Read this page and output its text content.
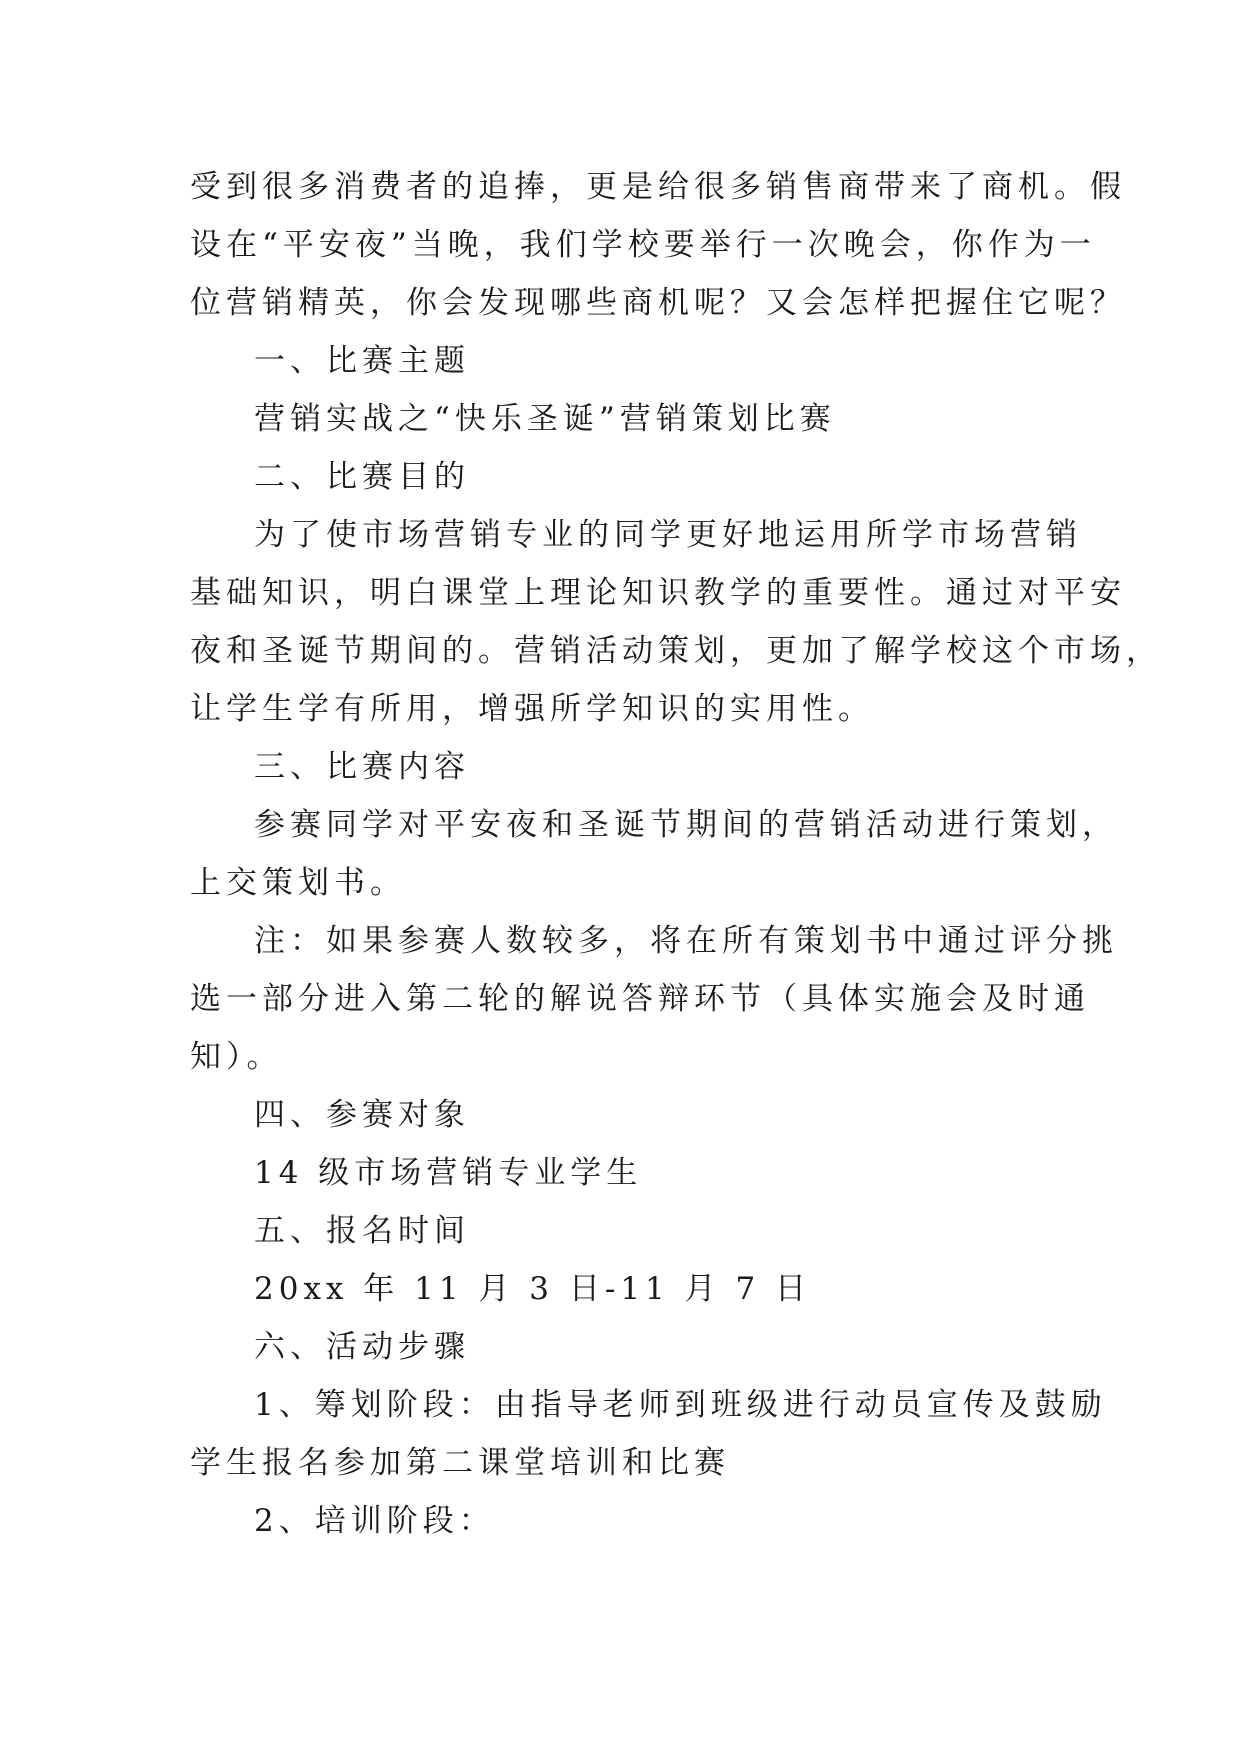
受到很多消费者的追捧，更是给很多销售商带来了商机。假

设在“平安夜”当晚，我们学校要举行一次晚会，你作为一

位营销精英，你会发现哪些商机呢？又会怎样把握住它呢？

一、比赛主题

营销实战之“快乐圣诞”营销策划比赛

二、比赛目的

为了使市场营销专业的同学更好地运用所学市场营销

基础知识，明白课堂上理论知识教学的重要性。通过对平安

夜和圣诞节期间的。营销活动策划，更加了解学校这个市场，

让学生学有所用，增强所学知识的实用性。

三、比赛内容

参赛同学对平安夜和圣诞节期间的营销活动进行策划，

上交策划书。

注：如果参赛人数较多，将在所有策划书中通过评分挑

选一部分进入第二轮的解说答辩环节（具体实施会及时通

知）。

四、参赛对象

14 级市场营销专业学生

五、报名时间

20xx 年 11 月 3 日-11 月 7 日

六、活动步骤

1、筹划阶段：由指导老师到班级进行动员宣传及鼓励

学生报名参加第二课堂培训和比赛

2、培训阶段：
